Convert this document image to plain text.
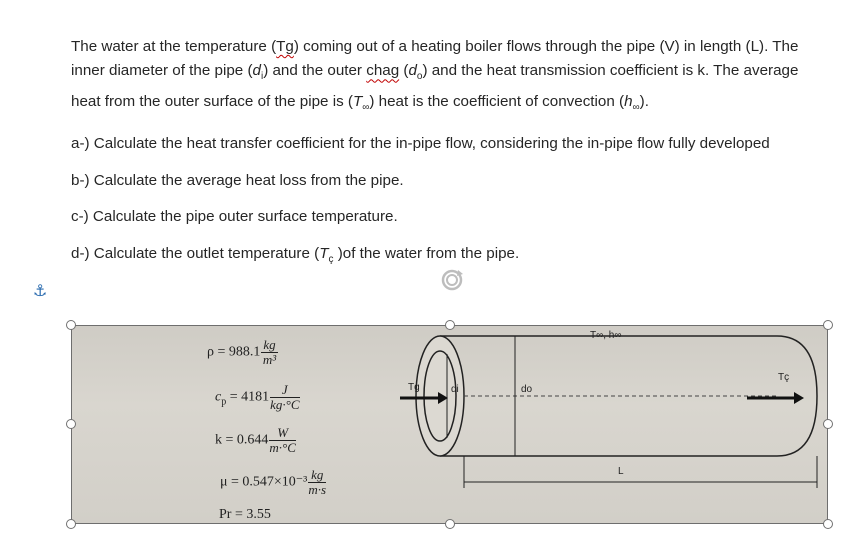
The water at the temperature (Tg) coming out of a heating boiler flows through the pipe (V) in length (L). The inner diameter of the pipe $(d_i)$ and the outer chag $(d_o)$ and the heat transmission coefficient is k. The average heat from the outer surface of the pipe is $(T_\infty)$ heat is the coefficient of convection $(h_\infty)$.

a-) Calculate the heat transfer coefficient for the in-pipe flow, considering the in-pipe flow fully developed

b-) Calculate the average heat loss from the pipe.

c-) Calculate the pipe outer surface temperature.

d-) Calculate the outlet temperature ($T_ç$ )of the water from the pipe.

⚓
$\rho = 988.1 \frac{kg}{\text{m³}}$
$c_p = 4181 \frac{J}{kg\cdot^\circ C}$
$k = 0.644 \frac{W}{m\cdot^\circ C}$
$\mu = 0.547\times 10^{-3} \frac{kg}{m\cdot s}$
Pr = 3.55
Tg	di	do
T∞, h∞
Tç
L
